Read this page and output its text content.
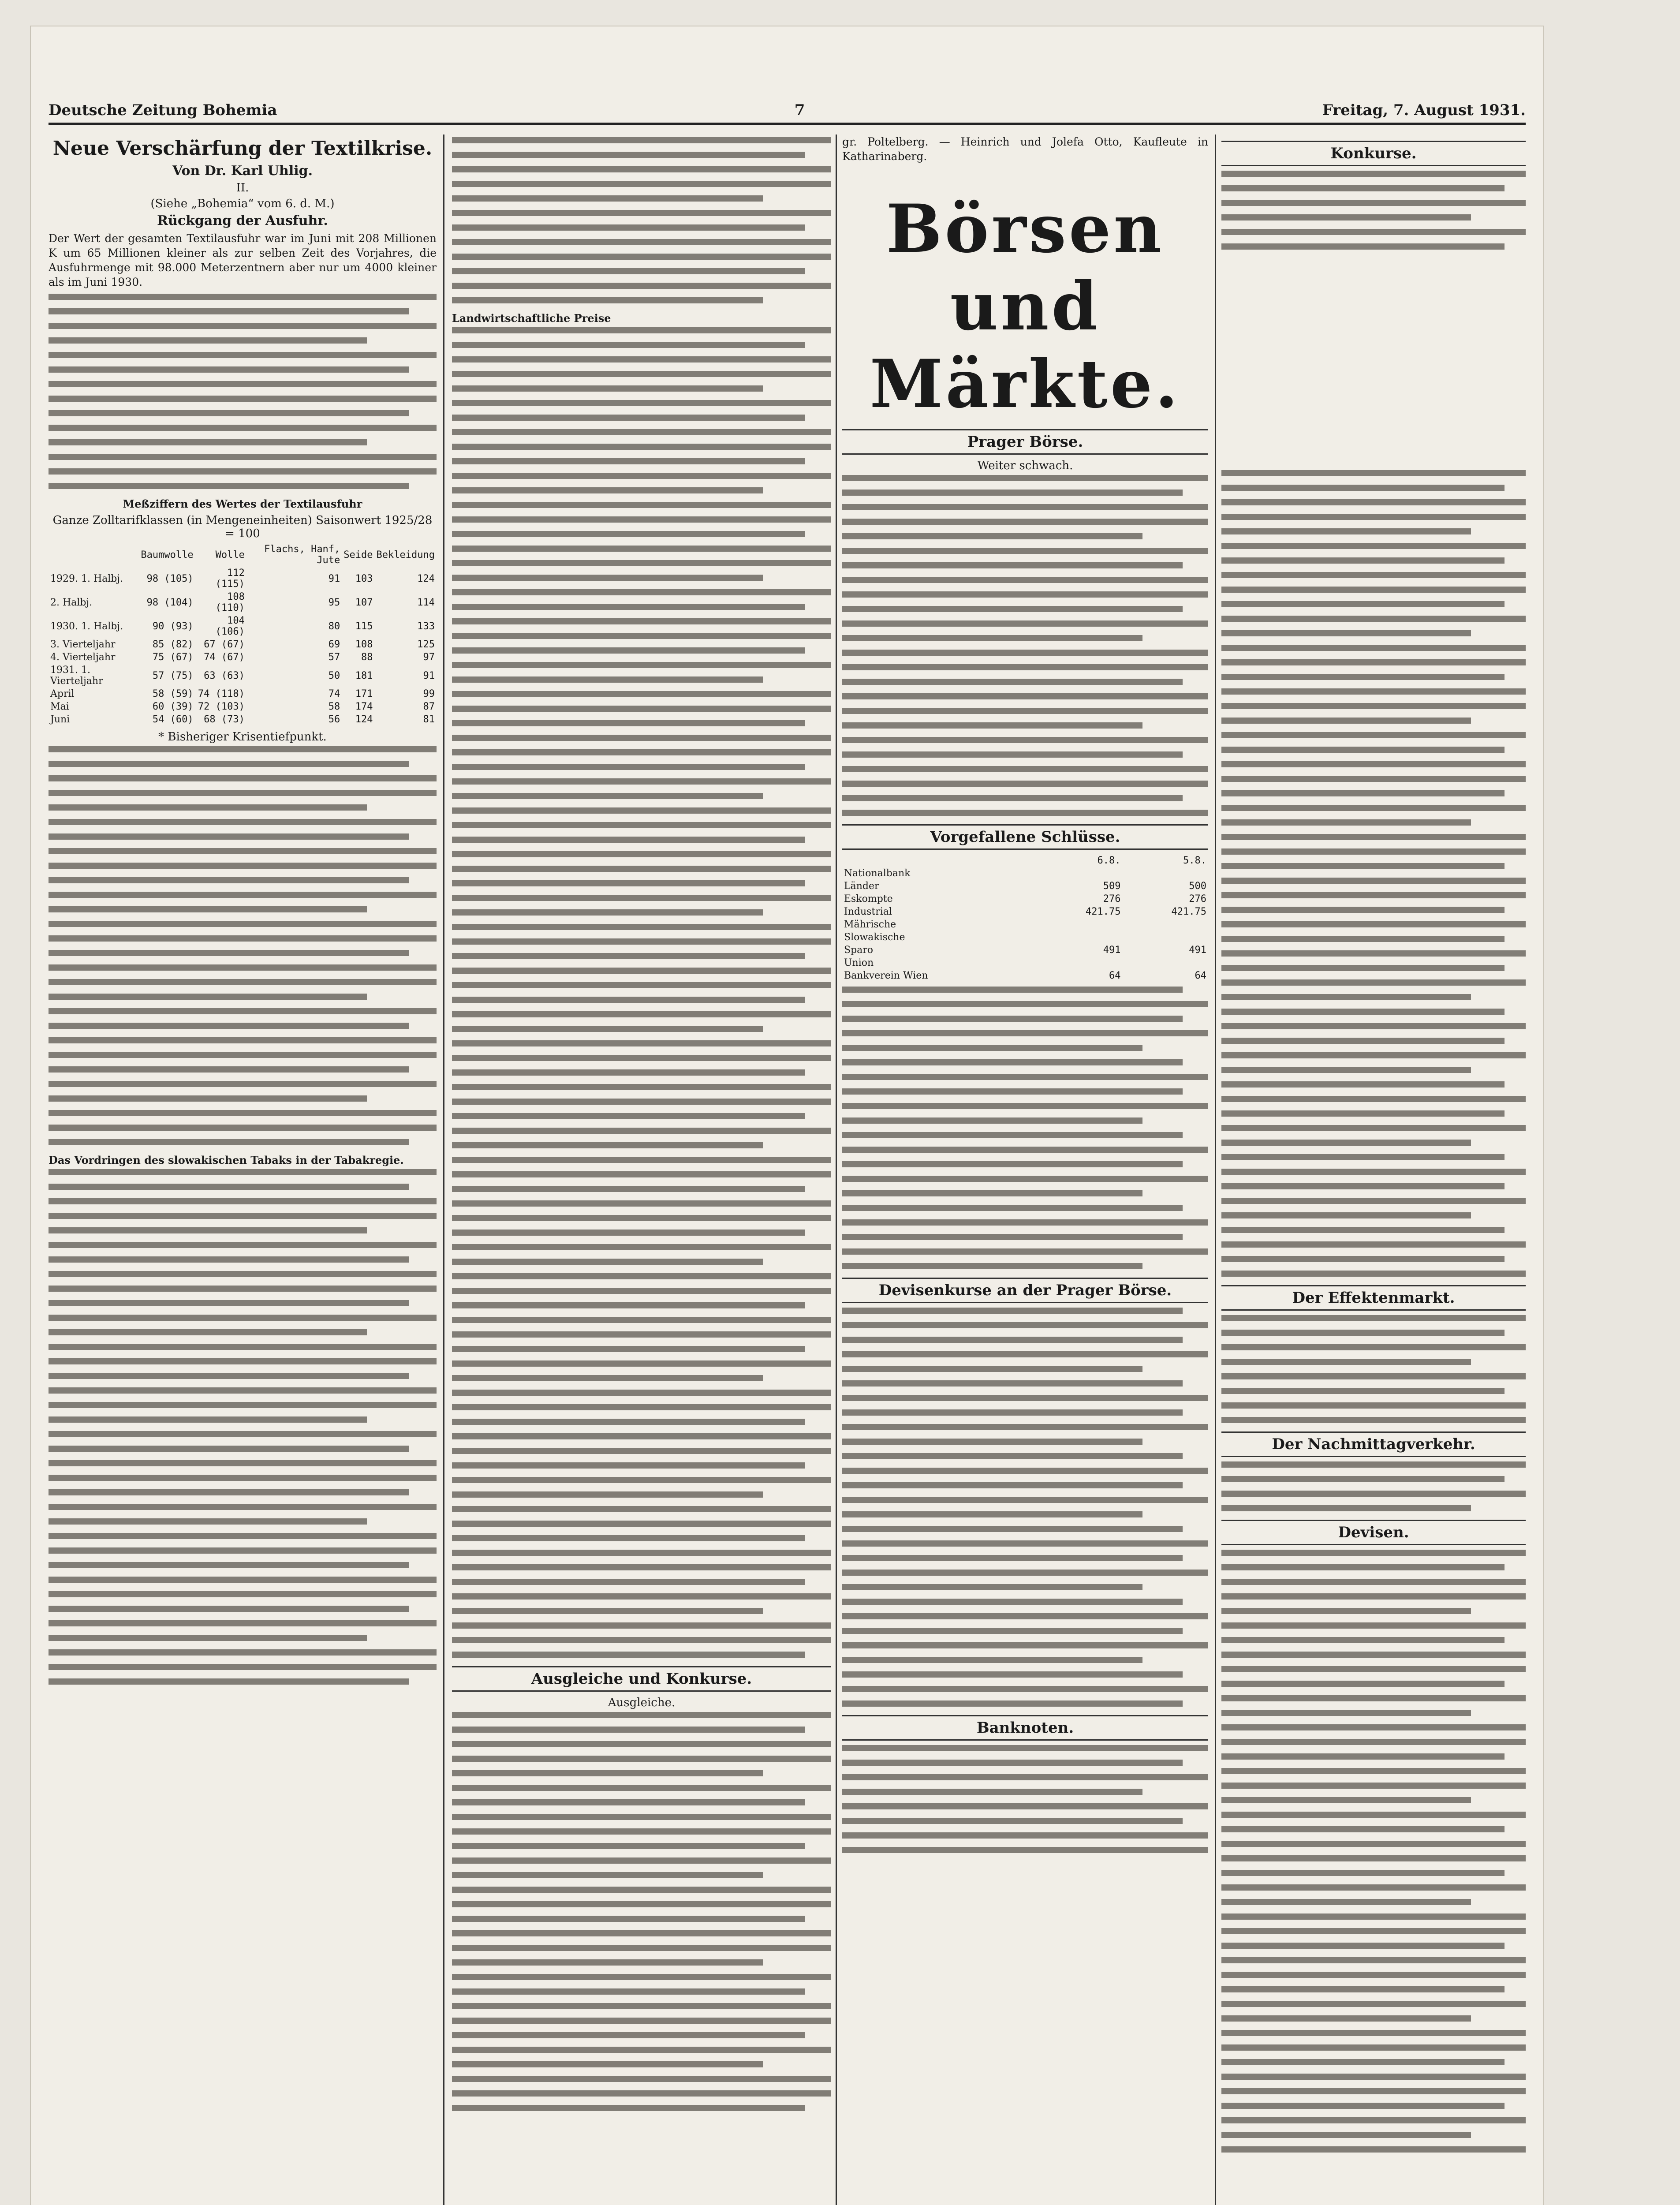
Deutsche Zeitung Bohemia	7	Freitag, 7. August 1931.
Neue Verschärfung der Textilkrise.
Von Dr. Karl Uhlig.
II.
(Siehe „Bohemia“ vom 6. d. M.)
Rückgang der Ausfuhr.

Der Wert der gesamten Textilausfuhr war im Juni mit 208 Millionen K um 65 Millionen kleiner als zur selben Zeit des Vorjahres, die Ausfuhrmenge mit 98.000 Meterzentnern aber nur um 4000 kleiner als im Juni 1930.

Meßziffern des Wertes der Textilausfuhr
Ganze Zolltarifklassen (in Mengeneinheiten) Saisonwert 1925/28 = 100
	Baumwolle	Wolle	Flachs, Hanf, Jute	Seide	Bekleidung
1929. 1. Halbj.	98 (105)	112 (115)	91	103	124
2. Halbj.	98 (104)	108 (110)	95	107	114
1930. 1. Halbj.	90 (93)	104 (106)	80	115	133
3. Vierteljahr	85 (82)	67 (67)	69	108	125
4. Vierteljahr	75 (67)	74 (67)	57	88	97
1931. 1. Vierteljahr	57 (75)	63 (63)	50	181	91
April	58 (59)	74 (118)	74	171	99
Mai	60 (39)	72 (103)	58	174	87
Juni	54 (60)	68 (73)	56	124	81
* Bisheriger Krisentiefpunkt.
Das Vordringen des slowakischen Tabaks in der Tabakregie.
Landwirtschaftliche Preise
Ausgleiche und Konkurse.
Ausgleiche.

gr. Poltelberg. — Heinrich und Jolefa Otto, Kaufleute in Katharinaberg.

Börsen und Märkte.
Prager Börse.
Weiter schwach.
Vorgefallene Schlüsse.
	6.8.	5.8.
Nationalbank		
Länder	509	500
Eskompte	276	276
Industrial	421.75	421.75
Mährische		
Slowakische		
Sparo	491	491
Union		
Bankverein Wien	64	64
Devisenkurse an der Prager Börse.
Banknoten.
Konkurse.
Der Effektenmarkt.
Der Nachmittagverkehr.
Devisen.
